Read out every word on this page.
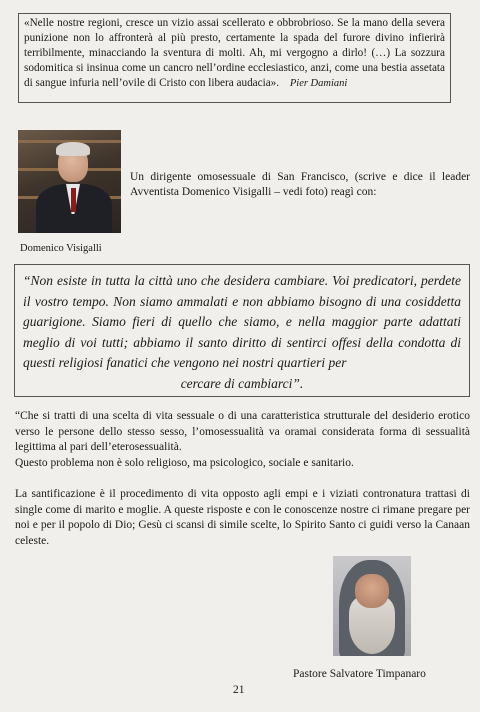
«Nelle nostre regioni, cresce un vizio assai scellerato e obbrobrioso. Se la mano della severa punizione non lo affronterà al più presto, certamente la spada del furore divino infierirà terribilmente, minacciando la sventura di molti. Ah, mi vergogno a dirlo! (…) La sozzura sodomitica si insinua come un cancro nell’ordine ecclesiastico, anzi, come una bestia assetata di sangue infuria nell’ovile di Cristo con libera audacia». Pier Damiani
Domenico Visigalli
Un dirigente omosessuale di San Francisco, (scrive e dice il leader Avventista Domenico Visigalli – vedi foto) reagì con:
“Non esiste in tutta la città uno che desidera cambiare. Voi predicatori, perdete il vostro tempo. Non siamo ammalati e non abbiamo bisogno di una cosiddetta guarigione. Siamo fieri di quello che siamo, e nella maggior parte adattati meglio di voi tutti; abbiamo il santo diritto di sentirci offesi della condotta di questi religiosi fanatici che vengono nei nostri quartieri per
cercare di cambiarci”.
“Che si tratti di una scelta di vita sessuale o di una caratteristica strutturale del desiderio erotico verso le persone dello stesso sesso, l’omosessualità va oramai considerata forma di sessualità legittima al pari dell’eterosessualità.
Questo problema non è solo religioso, ma psicologico, sociale e sanitario.
La santificazione è il procedimento di vita opposto agli empi e i viziati contronatura trattasi di single come di marito e moglie. A queste risposte e con le conoscenze nostre ci rimane pregare per noi e per il popolo di Dio; Gesù ci scansi di simile scelte, lo Spirito Santo ci guidi verso la Canaan celeste.
Pastore Salvatore Timpanaro
21
